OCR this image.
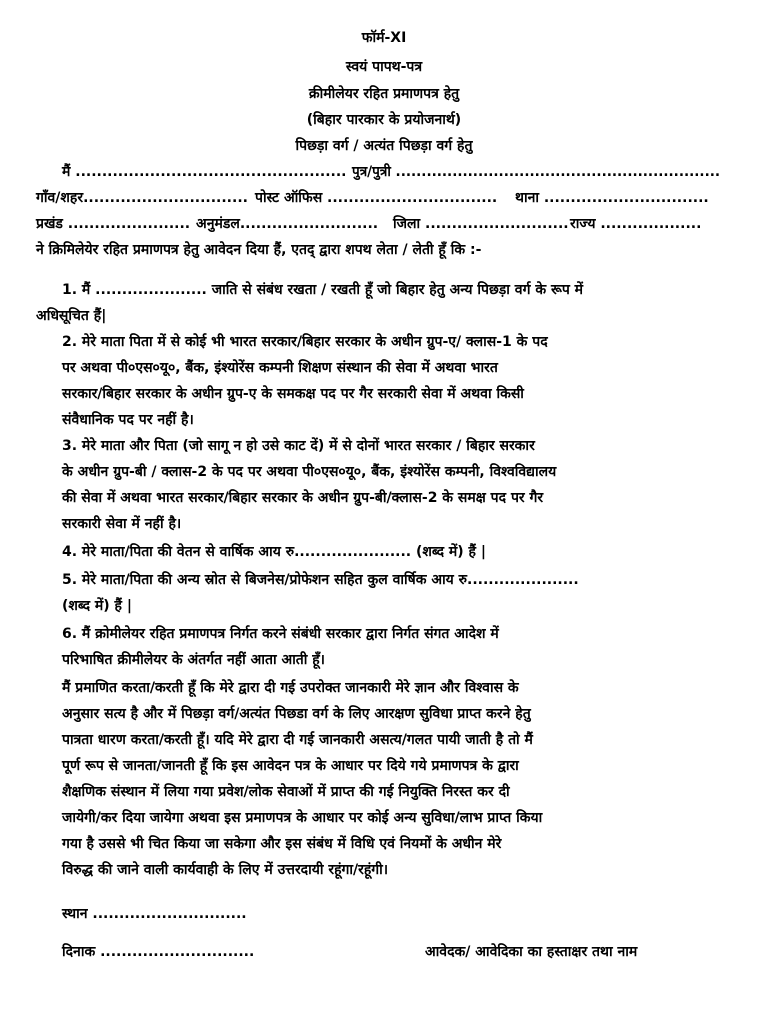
फॉर्म-XI
स्वयं पापथ-पत्र
क्रीमीलेयर रहित प्रमाणपत्र हेतु
(बिहार पारकार के प्रयोजनार्थ)
पिछड़ा वर्ग / अत्यंत पिछड़ा वर्ग हेतु
मैं ................................................... पुत्र/पुत्री ...............................................................
गाँव/शहर............................... पोस्ट ऑफिस ................................ थाना ...............................
प्रखंड ....................... अनुमंडल.......................... जिला ........................... राज्य ...................
ने क्रिमिलेयेर रहित प्रमाणपत्र हेतु आवेदन दिया हैं, एतद् द्वारा शपथ लेता / लेती हूँ कि :-
1. मैं ..................... जाति से संबंध रखता / रखती हूँ जो बिहार हेतु अन्य पिछड़ा वर्ग के रूप में
अधिसूचित हैं|
2. मेरे माता पिता में से कोई भी भारत सरकार/बिहार सरकार के अधीन ग्रुप-ए/ क्लास-1 के पद
पर अथवा पी०एस०यू०, बैंक, इंश्योरेंस कम्पनी शिक्षण संस्थान की सेवा में अथवा भारत
सरकार/बिहार सरकार के अधीन ग्रुप-ए के समकक्ष पद पर गैर सरकारी सेवा में अथवा किसी
संवैधानिक पद पर नहीं है।
3. मेरे माता और पिता (जो सागू न हो उसे काट दें) में से दोनों भारत सरकार / बिहार सरकार
के अधीन ग्रुप-बी / क्लास-2 के पद पर अथवा पी०एस०यू०, बैंक, इंश्योरेंस कम्पनी, विश्वविद्यालय
की सेवा में अथवा भारत सरकार/बिहार सरकार के अधीन ग्रुप-बी/क्लास-2 के समक्ष पद पर गैर
सरकारी सेवा में नहीं है।
4. मेरे माता/पिता की वेतन से वार्षिक आय रु...................... (शब्द में) हैं |
5. मेरे माता/पिता की अन्य स्रोत से बिजनेस/प्रोफेशन सहित कुल वार्षिक आय रु.....................
(शब्द में) हैं |
6. मैं क्रोमीलेयर रहित प्रमाणपत्र निर्गत करने संबंधी सरकार द्वारा निर्गत संगत आदेश में
परिभाषित क्रीमीलेयर के अंतर्गत नहीं आता आती हूँ।
मैं प्रमाणित करता/करती हूँ कि मेरे द्वारा दी गई उपरोक्त जानकारी मेरे ज्ञान और विश्वास के
अनुसार सत्य है और में पिछड़ा वर्ग/अत्यंत पिछडा वर्ग के लिए आरक्षण सुविधा प्राप्त करने हेतु
पात्रता धारण करता/करती हूँ। यदि मेरे द्वारा दी गई जानकारी असत्य/गलत पायी जाती है तो मैं
पूर्ण रूप से जानता/जानती हूँ कि इस आवेदन पत्र के आधार पर दिये गये प्रमाणपत्र के द्वारा
शैक्षणिक संस्थान में लिया गया प्रवेश/लोक सेवाओं में प्राप्त की गई नियुक्ति निरस्त कर दी
जायेगी/कर दिया जायेगा अथवा इस प्रमाणपत्र के आधार पर कोई अन्य सुविधा/लाभ प्राप्त किया
गया है उससे भी चित किया जा सकेगा और इस संबंध में विधि एवं नियमों के अधीन मेरे
विरुद्ध की जाने वाली कार्यवाही के लिए में उत्तरदायी रहूंगा/रहूंगी।
स्थान .............................
दिनाक .............................	आवेदक/ आवेदिका का हस्ताक्षर तथा नाम
